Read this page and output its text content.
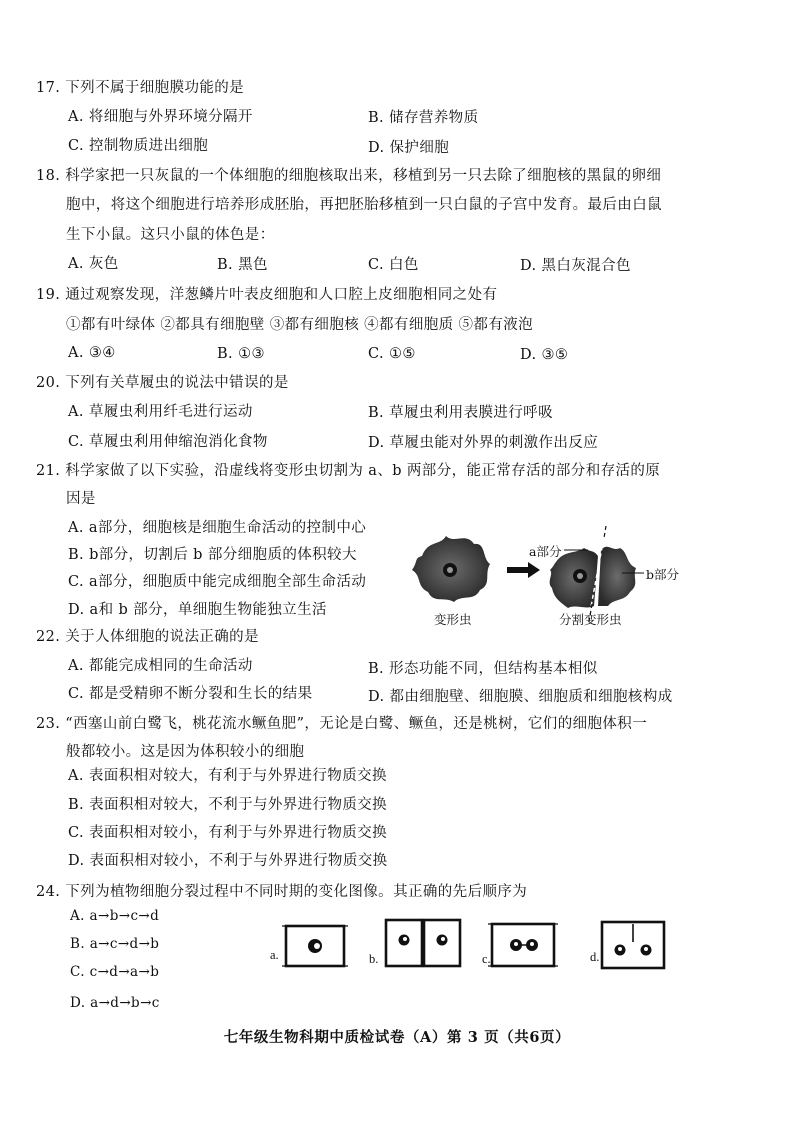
17. 下列不属于细胞膜功能的是
A. 将细胞与外界环境分隔开	B. 储存营养物质
C. 控制物质进出细胞	D. 保护细胞
18. 科学家把一只灰鼠的一个体细胞的细胞核取出来，移植到另一只去除了细胞核的黑鼠的卵细
胞中，将这个细胞进行培养形成胚胎，再把胚胎移植到一只白鼠的子宫中发育。最后由白鼠
生下小鼠。这只小鼠的体色是：
A. 灰色	B. 黑色	C. 白色	D. 黑白灰混合色
19. 通过观察发现，洋葱鳞片叶表皮细胞和人口腔上皮细胞相同之处有
①都有叶绿体 ②都具有细胞壁 ③都有细胞核 ④都有细胞质 ⑤都有液泡
A. ③④	B. ①③	C. ①⑤	D. ③⑤
20. 下列有关草履虫的说法中错误的是
A. 草履虫利用纤毛进行运动	B. 草履虫利用表膜进行呼吸
C. 草履虫利用伸缩泡消化食物	D. 草履虫能对外界的刺激作出反应
21. 科学家做了以下实验，沿虚线将变形虫切割为 a、b 两部分，能正常存活的部分和存活的原
因是
A. a部分，细胞核是细胞生命活动的控制中心
B. b部分，切割后 b 部分细胞质的体积较大
C. a部分，细胞质中能完成细胞全部生命活动
D. a和 b 部分，单细胞生物能独立生活
a部分
b部分
变形虫	分割变形虫
22. 关于人体细胞的说法正确的是
A. 都能完成相同的生命活动	B. 形态功能不同，但结构基本相似
C. 都是受精卵不断分裂和生长的结果	D. 都由细胞壁、细胞膜、细胞质和细胞核构成
23. “西塞山前白鹭飞，桃花流水鳜鱼肥”，无论是白鹭、鳜鱼，还是桃树，它们的细胞体积一
般都较小。这是因为体积较小的细胞
A. 表面积相对较大，有利于与外界进行物质交换
B. 表面积相对较大，不利于与外界进行物质交换
C. 表面积相对较小，有利于与外界进行物质交换
D. 表面积相对较小，不利于与外界进行物质交换
24. 下列为植物细胞分裂过程中不同时期的变化图像。其正确的先后顺序为
A. a→b→c→d
B. a→c→d→b
C. c→d→a→b
D. a→d→b→c
a.	b.	c.	d.
七年级生物科期中质检试卷（A）第 3 页（共6页）
